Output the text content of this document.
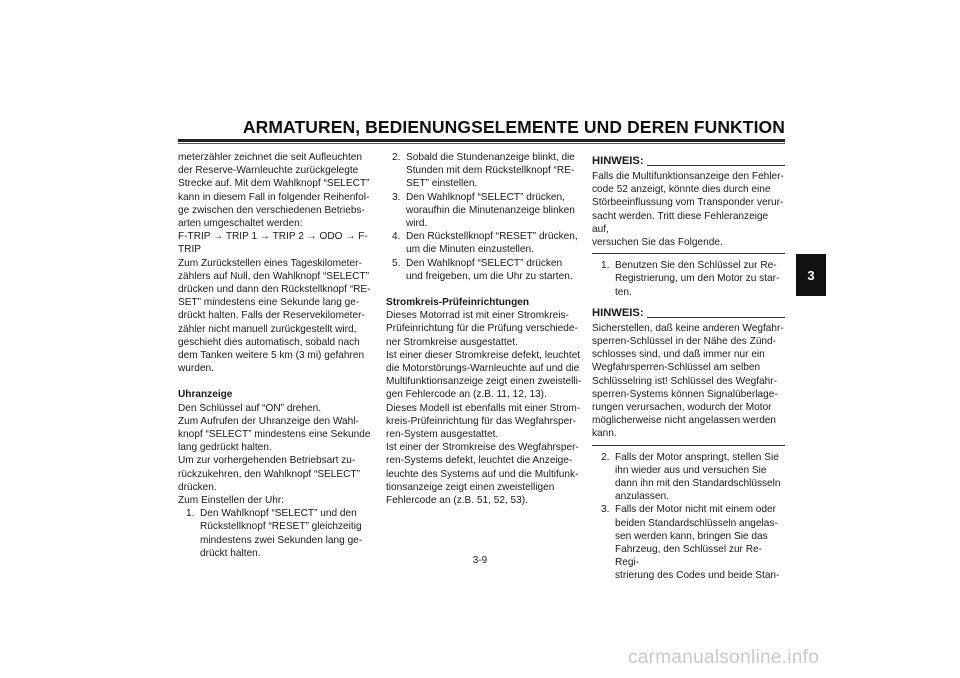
ARMATUREN, BEDIENUNGSELEMENTE UND DEREN FUNKTION
3

meterzähler zeichnet die seit Aufleuchten

der Reserve-Warnleuchte zurückgelegte

Strecke auf. Mit dem Wahlknopf “SELECT”

kann in diesem Fall in folgender Reihenfol-

ge zwischen den verschiedenen Betriebs-

arten umgeschaltet werden:

F-TRIP → TRIP 1 → TRIP 2 → ODO → F-

TRIP

Zum Zurückstellen eines Tageskilometer-

zählers auf Null, den Wahlknopf “SELECT”

drücken und dann den Rückstellknopf “RE-

SET” mindestens eine Sekunde lang ge-

drückt halten. Falls der Reservekilometer-

zähler nicht manuell zurückgestellt wird,

geschieht dies automatisch, sobald nach

dem Tanken weitere 5 km (3 mi) gefahren

wurden.

Uhranzeige

Den Schlüssel auf “ON” drehen.

Zum Aufrufen der Uhranzeige den Wahl-

knopf “SELECT” mindestens eine Sekunde

lang gedrückt halten.

Um zur vorhergehenden Betriebsart zu-

rückzukehren, den Wahlknopf “SELECT”

drücken.

Zum Einstellen der Uhr:

1. Den Wahlknopf “SELECT” und den

Rückstellknopf “RESET” gleichzeitig

mindestens zwei Sekunden lang ge-

drückt halten.

2. Sobald die Stundenanzeige blinkt, die

Stunden mit dem Rückstellknopf “RE-

SET” einstellen.

3. Den Wahlknopf “SELECT” drücken,

woraufhin die Minutenanzeige blinken

wird.

4. Den Rückstellknopf “RESET” drücken,

um die Minuten einzustellen.

5. Den Wahlknopf “SELECT” drücken

und freigeben, um die Uhr zu starten.

Stromkreis-Prüfeinrichtungen

Dieses Motorrad ist mit einer Stromkreis-

Prüfeinrichtung für die Prüfung verschiede-

ner Stromkreise ausgestattet.

Ist einer dieser Stromkreise defekt, leuchtet

die Motorstörungs-Warnleuchte auf und die

Multifunktionsanzeige zeigt einen zweistelli-

gen Fehlercode an (z.B. 11, 12, 13).

Dieses Modell ist ebenfalls mit einer Strom-

kreis-Prüfeinrichtung für das Wegfahrsper-

ren-System ausgestattet.

Ist einer der Stromkreise des Wegfahrsper-

ren-Systems defekt, leuchtet die Anzeige-

leuchte des Systems auf und die Multifunk-

tionsanzeige zeigt einen zweistelligen

Fehlercode an (z.B. 51, 52, 53).

HINWEIS:

Falls die Multifunktionsanzeige den Fehler-

code 52 anzeigt, könnte dies durch eine

Störbeeinflussung vom Transponder verur-

sacht werden. Tritt diese Fehleranzeige auf,

versuchen Sie das Folgende.

1. Benutzen Sie den Schlüssel zur Re-

Registrierung, um den Motor zu star-

ten.

HINWEIS:

Sicherstellen, daß keine anderen Wegfahr-

sperren-Schlüssel in der Nähe des Zünd-

schlosses sind, und daß immer nur ein

Wegfahrsperren-Schlüssel am selben

Schlüsselring ist! Schlüssel des Wegfahr-

sperren-Systems können Signalüberlage-

rungen verursachen, wodurch der Motor

möglicherweise nicht angelassen werden

kann.

2. Falls der Motor anspringt, stellen Sie

ihn wieder aus und versuchen Sie

dann ihn mit den Standardschlüsseln

anzulassen.

3. Falls der Motor nicht mit einem oder

beiden Standardschlüsseln angelas-

sen werden kann, bringen Sie das

Fahrzeug, den Schlüssel zur Re-Regi-

strierung des Codes und beide Stan-

3-9
carmanualsonline.info
